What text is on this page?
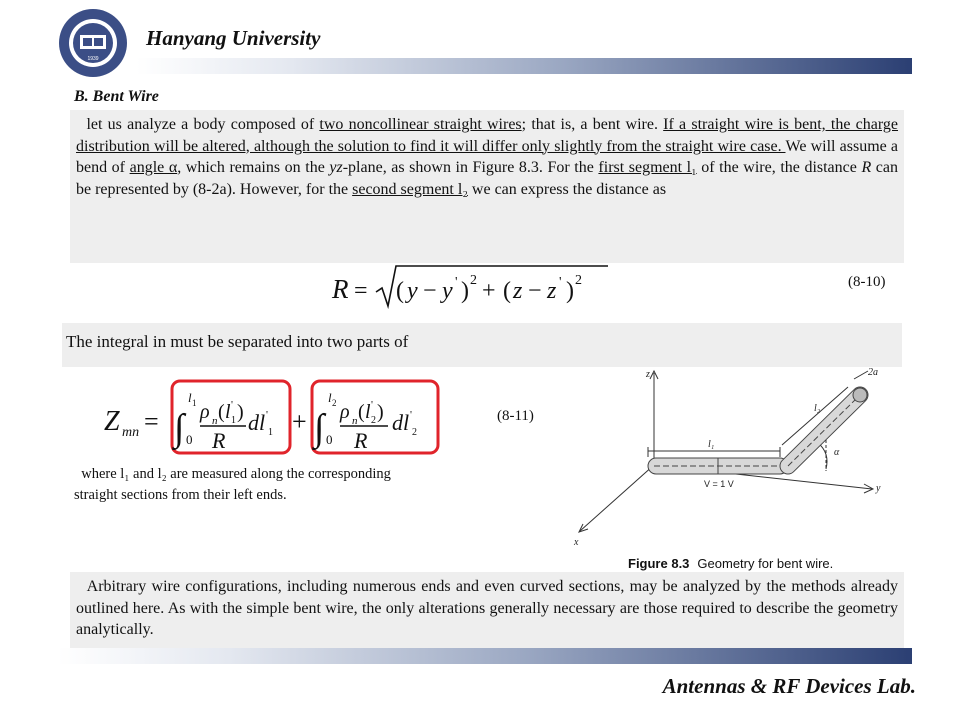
1939
Hanyang University
B. Bent Wire

let us analyze a body composed of two noncollinear straight wires; that is, a bent wire. If a straight wire is bent, the charge distribution will be altered, although the solution to find it will differ only slightly from the straight wire case. We will assume a bend of angle α, which remains on the yz-plane, as shown in Figure 8.3. For the first segment l₁ of the wire, the distance R can be represented by (8-2a). However, for the second segment l₂ we can express the distance as

R = ( y − y ' ) 2 + ( z − z ' ) 2	(8-10)
The integral in must be separated into two parts of
Z mn = ∫
l 1
0
ρ n ( l '
1 )
R
dl '
1 + ∫
l 2
0
ρ n ( l '
2 )
R
dl '
2
(8-11)
where l₁ and l₂ are measured along the corresponding
straight sections from their left ends.
z
y
x
l₁
l₂
2a
α
V = 1 V
Figure 8.3 Geometry for bent wire.

Arbitrary wire configurations, including numerous ends and even curved sections, may be analyzed by the methods already outlined here. As with the simple bent wire, the only alterations generally necessary are those required to describe the geometry analytically.

Antennas & RF Devices Lab.
